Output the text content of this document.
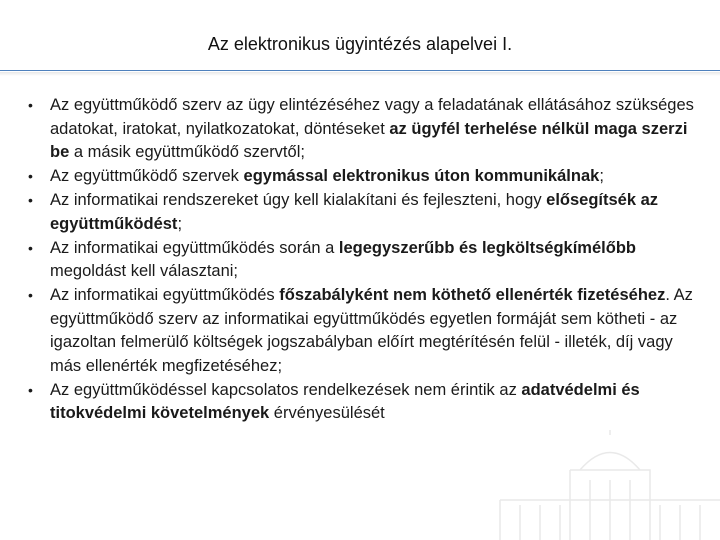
Az elektronikus ügyintézés alapelvei I.
• Az együttműködő szerv az ügy elintézéséhez vagy a feladatának ellátásához szükséges adatokat, iratokat, nyilatkozatokat, döntéseket az ügyfél terhelése nélkül maga szerzi be a másik együttműködő szervtől;
• Az együttműködő szervek egymással elektronikus úton kommunikálnak;
• Az informatikai rendszereket úgy kell kialakítani és fejleszteni, hogy elősegítsék az együttműködést;
• Az informatikai együttműködés során a legegyszerűbb és legköltségkímélőbb megoldást kell választani;
• Az informatikai együttműködés főszabályként nem köthető ellenérték fizetéséhez. Az együttműködő szerv az informatikai együttműködés egyetlen formáját sem kötheti - az igazoltan felmerülő költségek jogszabályban előírt megtérítésén felül - illeték, díj vagy más ellenérték megfizetéséhez;
• Az együttműködéssel kapcsolatos rendelkezések nem érintik az adatvédelmi és titokvédelmi követelmények érvényesülését
